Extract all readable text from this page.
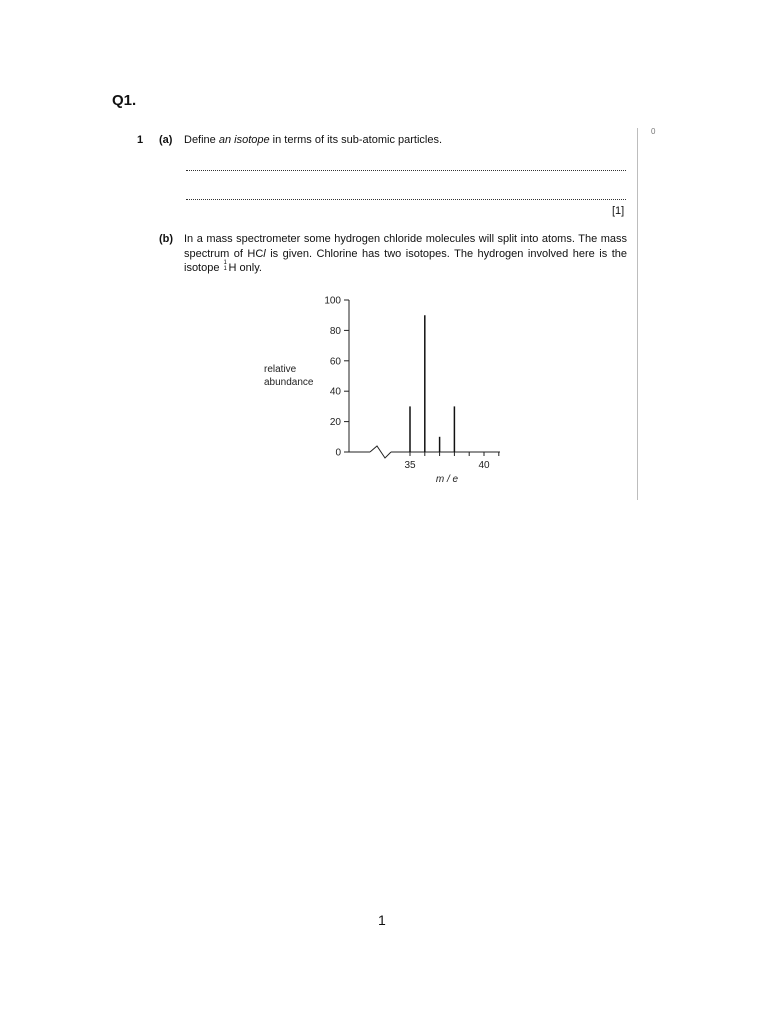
Q1.
0
1 (a) Define an isotope in terms of its sub-atomic particles.
[1]
(b) In a mass spectrometer some hydrogen chloride molecules will split into atoms. The mass spectrum of HCl is given. Chlorine has two isotopes. The hydrogen involved here is the isotope 1
1 H only.
0
20
40
60
80
100
35	40
relative abundance
m / e
1
